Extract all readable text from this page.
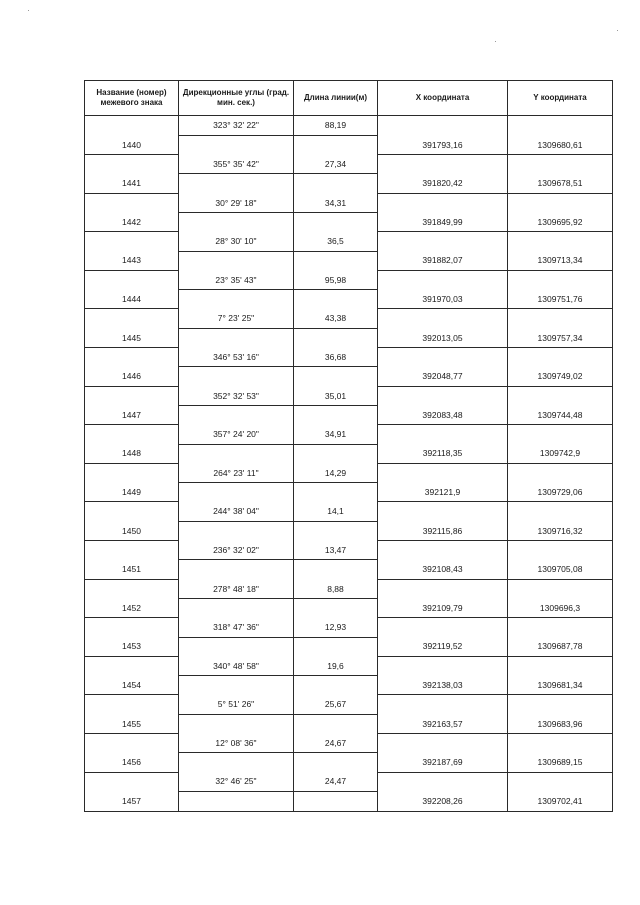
Название (номер) межевого знака	Дирекционные углы (град. мин. сек.)	Длина линии(м)	X координата	Y координата
	323° 32' 22"	88,19		
1440			391793,16	1309680,61
	355° 35' 42"	27,34		
1441			391820,42	1309678,51
	30° 29' 18"	34,31		
1442			391849,99	1309695,92
	28° 30' 10"	36,5		
1443			391882,07	1309713,34
	23° 35' 43"	95,98		
1444			391970,03	1309751,76
	7° 23' 25"	43,38		
1445			392013,05	1309757,34
	346° 53' 16"	36,68		
1446			392048,77	1309749,02
	352° 32' 53"	35,01		
1447			392083,48	1309744,48
	357° 24' 20"	34,91		
1448			392118,35	1309742,9
	264° 23' 11"	14,29		
1449			392121,9	1309729,06
	244° 38' 04"	14,1		
1450			392115,86	1309716,32
	236° 32' 02"	13,47		
1451			392108,43	1309705,08
	278° 48' 18"	8,88		
1452			392109,79	1309696,3
	318° 47' 36"	12,93		
1453			392119,52	1309687,78
	340° 48' 58"	19,6		
1454			392138,03	1309681,34
	5° 51' 26"	25,67		
1455			392163,57	1309683,96
	12° 08' 36"	24,67		
1456			392187,69	1309689,15
	32° 46' 25"	24,47		
1457			392208,26	1309702,41
